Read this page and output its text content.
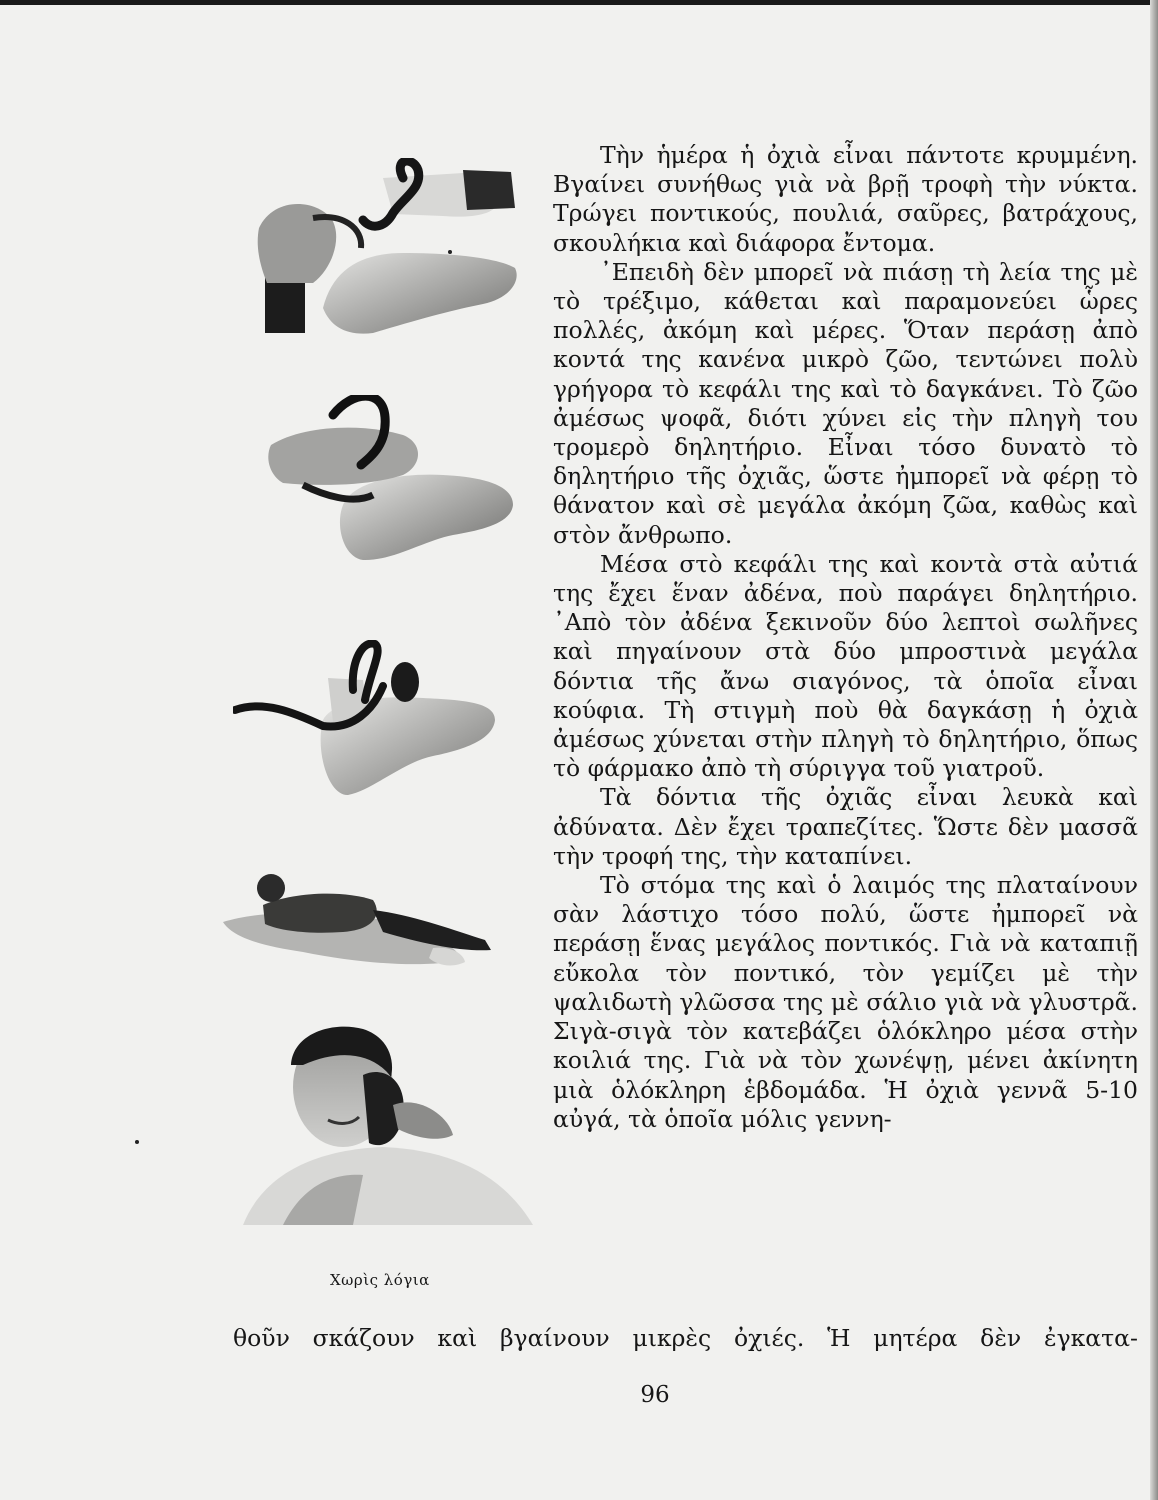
Χωρὶς λόγια

Τὴν ἡμέρα ἡ ὀχιὰ εἶναι πάντοτε κρυμμένη. Βγαίνει συνήθως γιὰ νὰ βρῇ τροφὴ τὴν νύκτα. Τρώγει ποντικούς, πουλιά, σαῦρες, βατράχους, σκουλήκια καὶ διάφορα ἔντομα.

᾿Επειδὴ δὲν μπορεῖ νὰ πιάσῃ τὴ λεία της μὲ τὸ τρέξιμο, κάθεται καὶ παραμονεύει ὧρες πολλές, ἀκόμη καὶ μέρες. Ὅταν περάσῃ ἀπὸ κοντά της κανένα μικρὸ ζῶο, τεντώνει πολὺ γρήγορα τὸ κεφάλι της καὶ τὸ δαγκάνει. Τὸ ζῶο ἀμέσως ψοφᾶ, διότι χύνει εἰς τὴν πληγὴ του τρομερὸ δηλητήριο. Εἶναι τόσο δυνατὸ τὸ δηλητήριο τῆς ὀχιᾶς, ὥστε ἠμπορεῖ νὰ φέρῃ τὸ θάνατον καὶ σὲ μεγάλα ἀκόμη ζῶα, καθὼς καὶ στὸν ἄνθρωπο.

Μέσα στὸ κεφάλι της καὶ κοντὰ στὰ αὐτιά της ἔχει ἕναν ἀδένα, ποὺ παράγει δηλητήριο. ᾿Απὸ τὸν ἀδένα ξεκινοῦν δύο λεπτοὶ σωλῆνες καὶ πηγαίνουν στὰ δύο μπροστινὰ μεγάλα δόντια τῆς ἄνω σιαγόνος, τὰ ὁποῖα εἶναι κούφια. Τὴ στιγμὴ ποὺ θὰ δαγκάσῃ ἡ ὀχιὰ ἀμέσως χύνεται στὴν πληγὴ τὸ δηλητήριο, ὅπως τὸ φάρμακο ἀπὸ τὴ σύριγγα τοῦ γιατροῦ.

Τὰ δόντια τῆς ὀχιᾶς εἶναι λευκὰ καὶ ἀδύνατα. Δὲν ἔχει τραπεζίτες. Ὥστε δὲν μασσᾶ τὴν τροφή της, τὴν καταπίνει.

Τὸ στόμα της καὶ ὁ λαιμός της πλαταίνουν σὰν λάστιχο τόσο πολύ, ὥστε ἠμπορεῖ νὰ περάσῃ ἕνας μεγάλος ποντικός. Γιὰ νὰ καταπιῇ εὔκολα τὸν ποντικό, τὸν γεμίζει μὲ τὴν ψαλιδωτὴ γλῶσσα της μὲ σάλιο γιὰ νὰ γλυστρᾶ. Σιγὰ-σιγὰ τὸν κατεβάζει ὁλόκληρο μέσα στὴν κοιλιά της. Γιὰ νὰ τὸν χωνέψῃ, μένει ἀκίνητη μιὰ ὁλόκληρη ἑβδομάδα. Ἡ ὀχιὰ γεννᾶ 5-10 αὐγά, τὰ ὁποῖα μόλις γεννη-

θοῦν σκάζουν καὶ βγαίνουν μικρὲς ὀχιές. Ἡ μητέρα δὲν ἐγκατα-
96
